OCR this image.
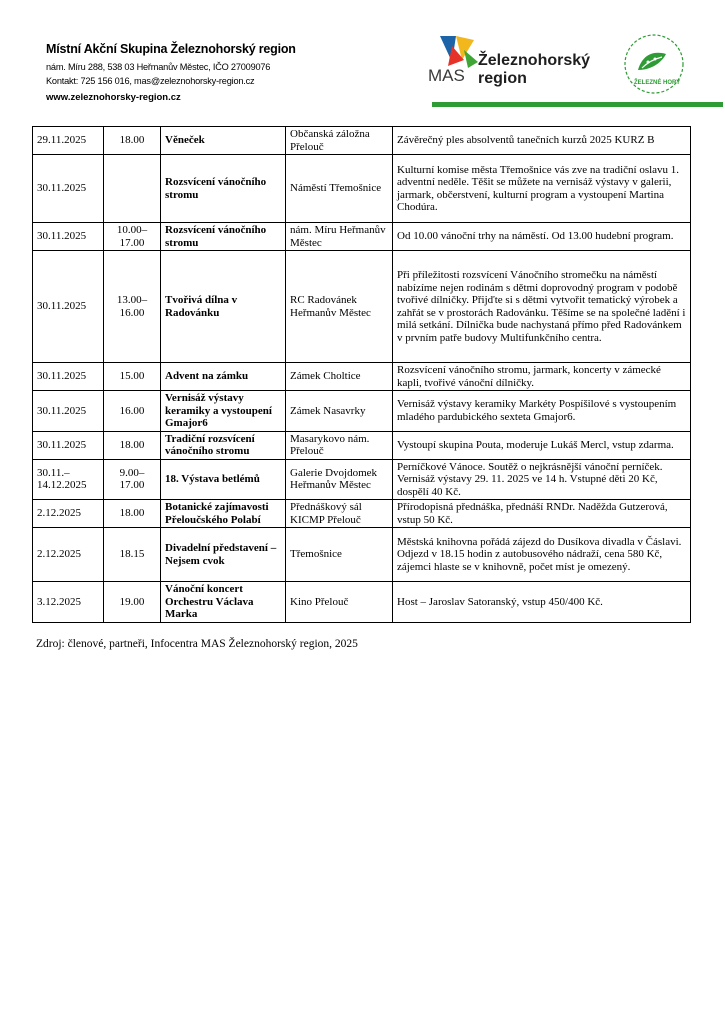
Místní Akční Skupina Železnohorský region
nám. Míru 288, 538 03 Heřmanův Městec, IČO 27009076
Kontakt: 725 156 016, mas@zeleznohorsky-region.cz
www.zeleznohorsky-region.cz
MAS
Železnohorský
region	ŽELEZNÉ HORY
29.11.2025	18.00	Věneček	Občanská záložna Přelouč	Závěrečný ples absolventů tanečních kurzů 2025 KURZ B
30.11.2025		Rozsvícení vánočního stromu	Náměstí Třemošnice	Kulturní komise města Třemošnice vás zve na tradiční oslavu 1. adventní neděle. Těšit se můžete na vernisáž výstavy v galerii, jarmark, občerstvení, kulturní program a vystoupení Martina Chodúra.
30.11.2025	10.00–17.00	Rozsvícení vánočního stromu	nám. Míru Heřmanův Městec	Od 10.00 vánoční trhy na náměstí. Od 13.00 hudební program.
30.11.2025	13.00–16.00	Tvořivá dílna v Radovánku	RC Radovánek Heřmanův Městec	Při příležitosti rozsvícení Vánočního stromečku na náměstí nabízíme nejen rodinám s dětmi doprovodný program v podobě tvořivé dílničky. Přijďte si s dětmi vytvořit tematický výrobek a zahřát se v prostorách Radovánku. Těšíme se na společné ladění i milá setkání. Dílnička bude nachystaná přímo před Radovánkem v prvním patře budovy Multifunkčního centra.
30.11.2025	15.00	Advent na zámku	Zámek Choltice	Rozsvícení vánočního stromu, jarmark, koncerty v zámecké kapli, tvořivé vánoční dílničky.
30.11.2025	16.00	Vernisáž výstavy keramiky a vystoupení Gmajor6	Zámek Nasavrky	Vernisáž výstavy keramiky Markéty Pospíšilové s vystoupením mladého pardubického sexteta Gmajor6.
30.11.2025	18.00	Tradiční rozsvícení vánočního stromu	Masarykovo nám. Přelouč	Vystoupí skupina Pouta, moderuje Lukáš Mercl, vstup zdarma.
30.11.– 14.12.2025	9.00–17.00	18. Výstava betlémů	Galerie Dvojdomek Heřmanův Městec	Perníčkové Vánoce. Soutěž o nejkrásnější vánoční perníček. Vernisáž výstavy 29. 11. 2025 ve 14 h. Vstupné děti 20 Kč, dospělí 40 Kč.
2.12.2025	18.00	Botanické zajímavosti Přeloučského Polabí	Přednáškový sál KICMP Přelouč	Přírodopisná přednáška, přednáší RNDr. Naděžda Gutzerová, vstup 50 Kč.
2.12.2025	18.15	Divadelní představení – Nejsem cvok	Třemošnice	Městská knihovna pořádá zájezd do Dusíkova divadla v Čáslavi. Odjezd v 18.15 hodin z autobusového nádraží, cena 580 Kč, zájemci hlaste se v knihovně, počet míst je omezený.
3.12.2025	19.00	Vánoční koncert Orchestru Václava Marka	Kino Přelouč	Host – Jaroslav Satoranský, vstup 450/400 Kč.
Zdroj: členové, partneři, Infocentra MAS Železnohorský region, 2025
